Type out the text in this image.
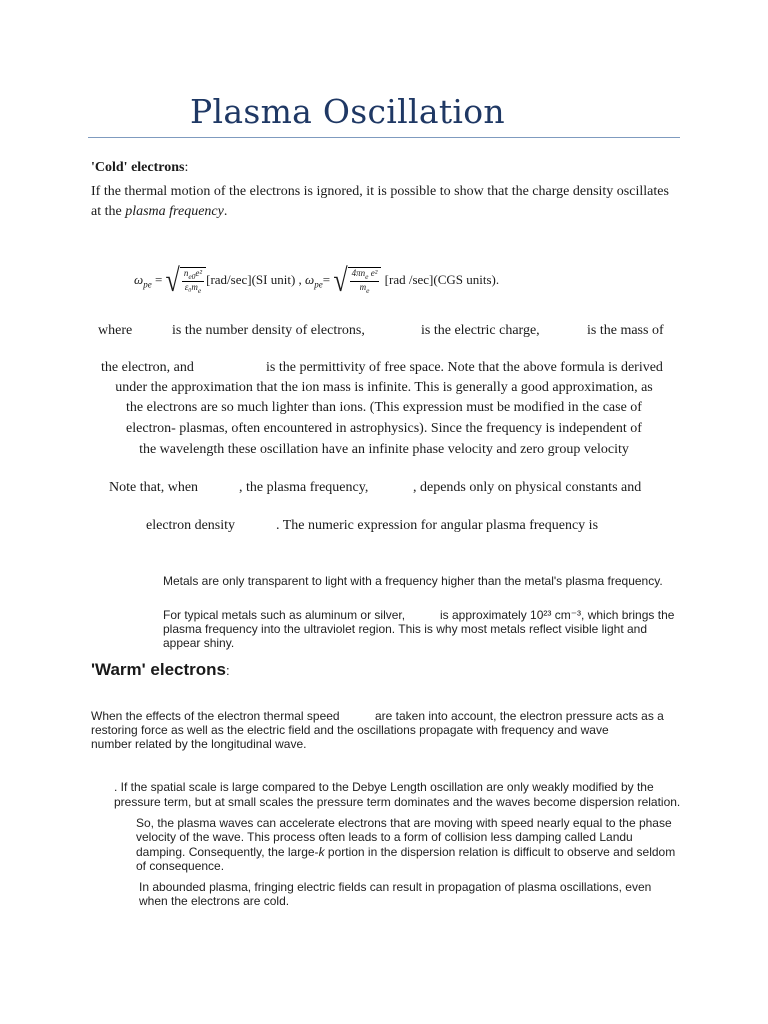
Plasma Oscillation
'Cold' electrons:
If the thermal motion of the electrons is ignored, it is possible to show that the charge density oscillates at the plasma frequency.
$\omega_{pe}$ = √ $\frac{n_{e0}e^2}{\varepsilon_0m_e} [rad/\sec](SI$ unit) , $\omega_{pe}=$ √ $\frac{4\pi n_e e^2}{m_e} [rad$ /sec](CGS units).
where	is the number density of electrons,	is the electric charge,	is the mass of
the electron, and	is the permittivity of free space. Note that the above formula is derived
under the approximation that the ion mass is infinite. This is generally a good approximation, as
the electrons are so much lighter than ions. (This expression must be modified in the case of
electron- plasmas, often encountered in astrophysics). Since the frequency is independent of
the wavelength these oscillation have an infinite phase velocity and zero group velocity
Note that, when	, the plasma frequency,	, depends only on physical constants and
electron density	. The numeric expression for angular plasma frequency is
Metals are only transparent to light with a frequency higher than the metal's plasma frequency.
For typical metals such as aluminum or silver,	is approximately 10²³ cm⁻³, which brings the
plasma frequency into the ultraviolet region. This is why most metals reflect visible light and
appear shiny.
'Warm' electrons:
When the effects of the electron thermal speed	are taken into account, the electron pressure acts as a
restoring force as well as the electric field and the oscillations propagate with frequency and wave
number related by the longitudinal wave.
. If the spatial scale is large compared to the Debye Length oscillation are only weakly modified by the
pressure term, but at small scales the pressure term dominates and the waves become dispersion relation.
So, the plasma waves can accelerate electrons that are moving with speed nearly equal to the phase
velocity of the wave. This process often leads to a form of collision less damping called Landu
damping. Consequently, the large-k portion in the dispersion relation is difficult to observe and seldom
of consequence.
In abounded plasma, fringing electric fields can result in propagation of plasma oscillations, even
when the electrons are cold.
